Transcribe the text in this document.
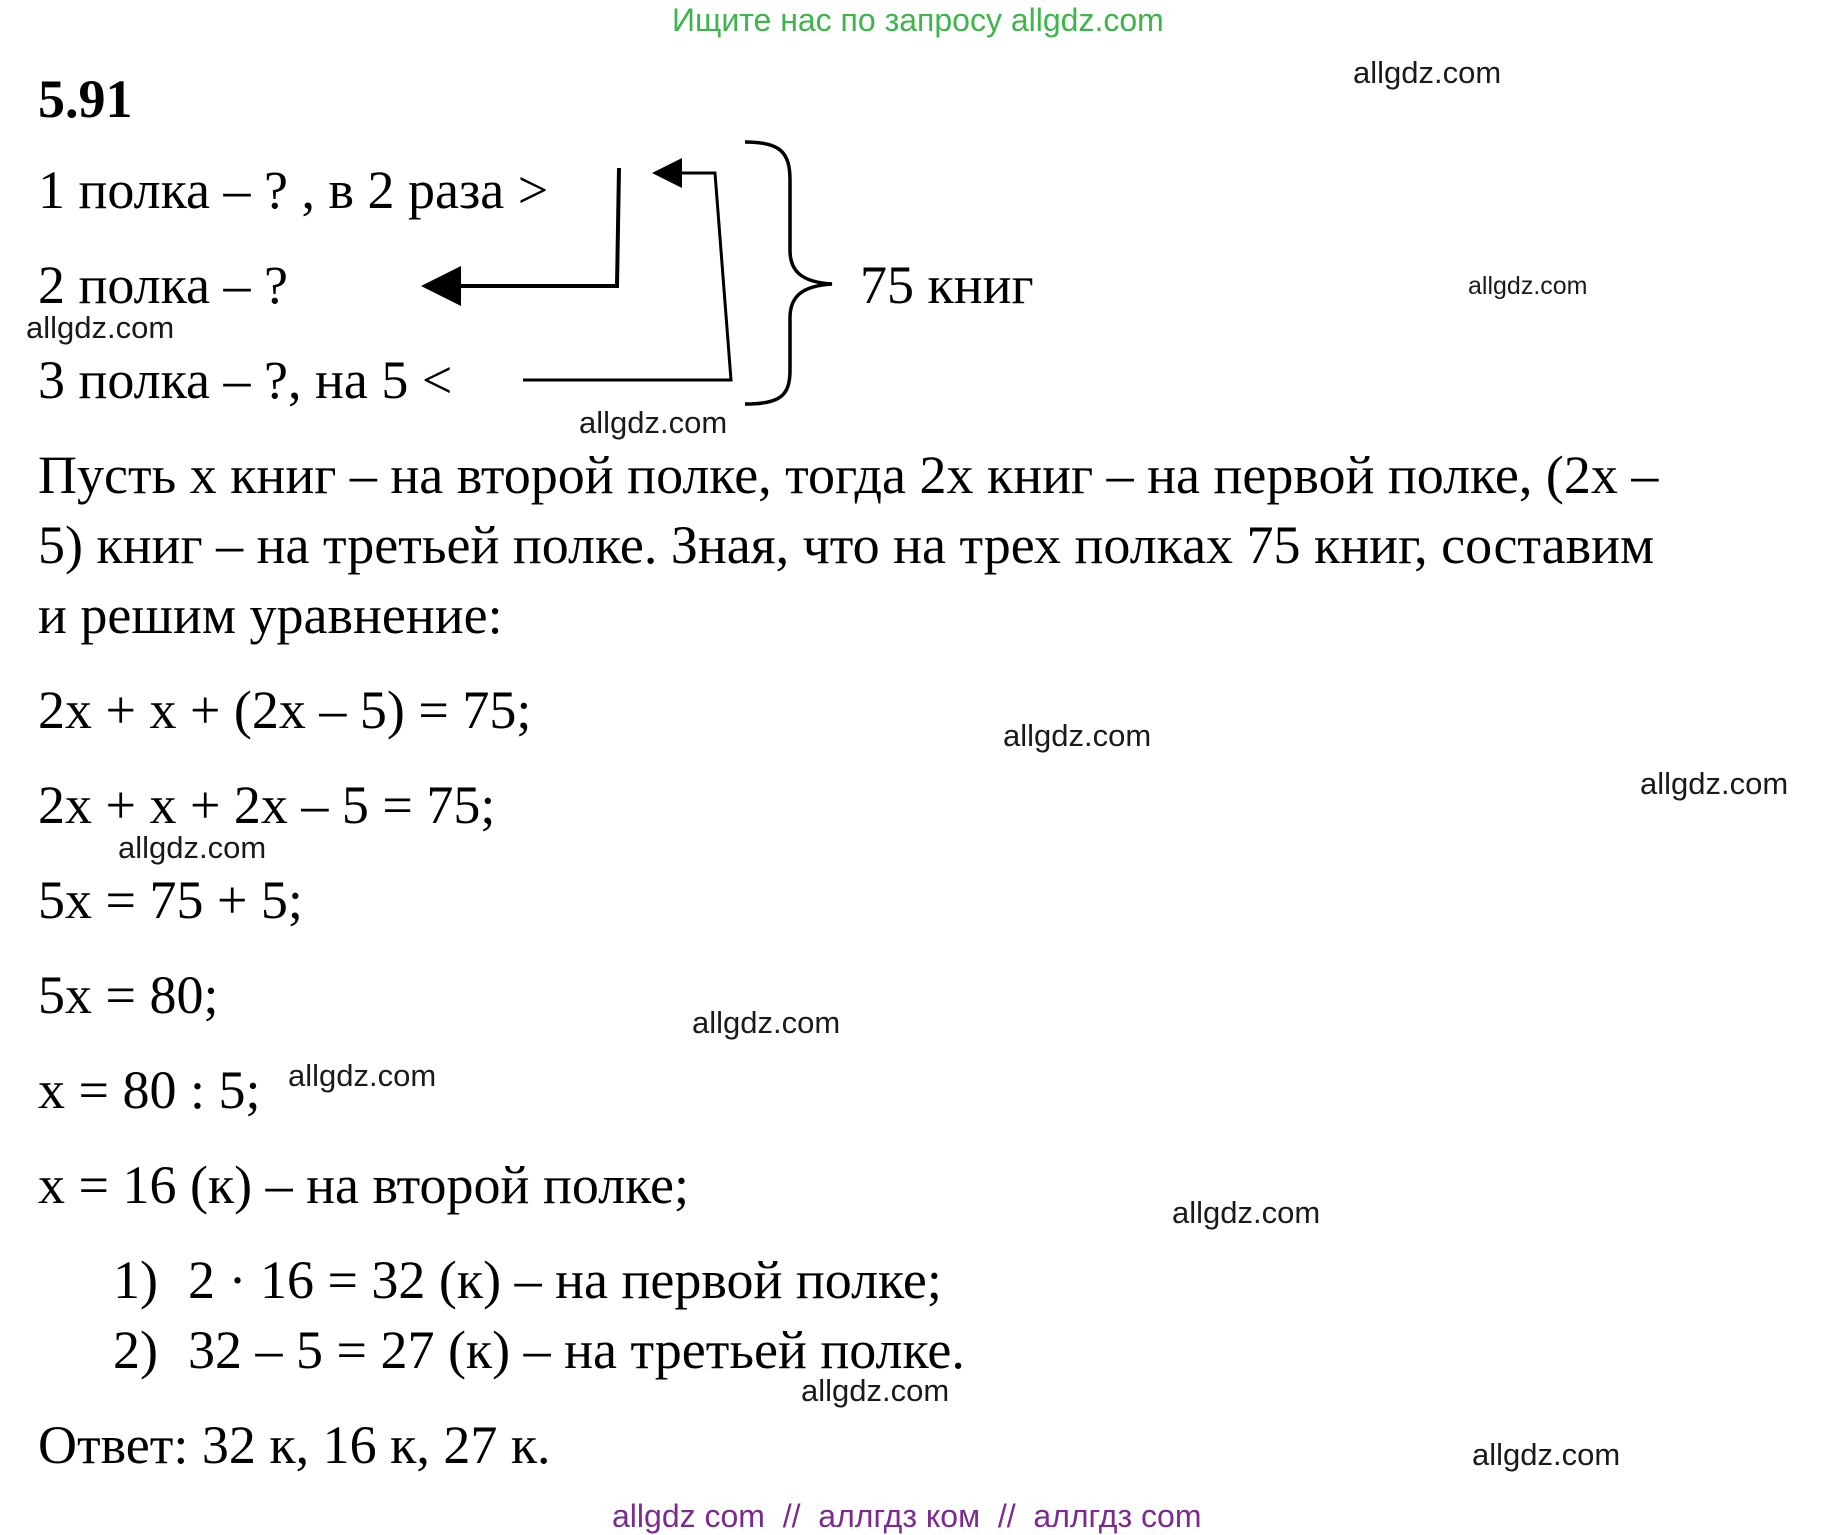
Ищите нас по запросу allgdz.com
5.91
1 полка – ? , в 2 раза >
2 полка – ?
3 полка – ?, на 5 <
75 книг
Пусть x книг – на второй полке, тогда 2x книг – на первой полке, (2x –
5) книг – на третьей полке. Зная, что на трех полках 75 книг, составим
и решим уравнение:
2x + x + (2x – 5) = 75;
2x + x + 2x – 5 = 75;
5x = 75 + 5;
5x = 80;
x = 80 : 5;
x = 16 (к) – на второй полке;
1) 2 · 16 = 32 (к) – на первой полке;
2) 32 – 5 = 27 (к) – на третьей полке.
Ответ: 32 к, 16 к, 27 к.
allgdz.com
allgdz.com
allgdz.com
allgdz.com
allgdz.com
allgdz.com
allgdz.com
allgdz.com
allgdz.com
allgdz.com
allgdz.com
allgdz.com
allgdz com  //  аллгдз ком  //  аллгдз com
